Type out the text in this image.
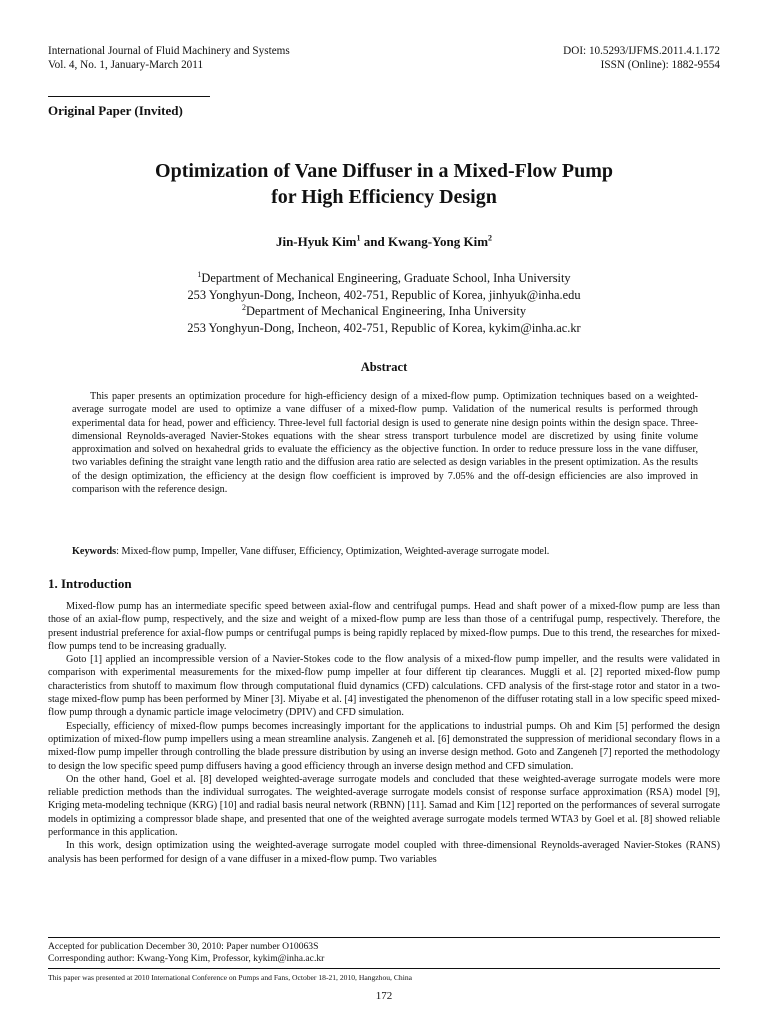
International Journal of Fluid Machinery and Systems
Vol. 4, No. 1, January-March 2011
DOI: 10.5293/IJFMS.2011.4.1.172
ISSN (Online): 1882-9554
Original Paper (Invited)
Optimization of Vane Diffuser in a Mixed-Flow Pump
for High Efficiency Design
Jin-Hyuk Kim$^1$ and Kwang-Yong Kim$^2$
$^1$Department of Mechanical Engineering, Graduate School, Inha University
253 Yonghyun-Dong, Incheon, 402-751, Republic of Korea, jinhyuk@inha.edu
$^2$Department of Mechanical Engineering, Inha University
253 Yonghyun-Dong, Incheon, 402-751, Republic of Korea, kykim@inha.ac.kr
Abstract
This paper presents an optimization procedure for high-efficiency design of a mixed-flow pump. Optimization techniques based on a weighted-average surrogate model are used to optimize a vane diffuser of a mixed-flow pump. Validation of the numerical results is performed through experimental data for head, power and efficiency. Three-level full factorial design is used to generate nine design points within the design space. Three-dimensional Reynolds-averaged Navier-Stokes equations with the shear stress transport turbulence model are discretized by using finite volume approximation and solved on hexahedral grids to evaluate the efficiency as the objective function. In order to reduce pressure loss in the vane diffuser, two variables defining the straight vane length ratio and the diffusion area ratio are selected as design variables in the present optimization. As the results of the design optimization, the efficiency at the design flow coefficient is improved by 7.05% and the off-design efficiencies are also improved in comparison with the reference design.
Keywords: Mixed-flow pump, Impeller, Vane diffuser, Efficiency, Optimization, Weighted-average surrogate model.
1. Introduction

Mixed-flow pump has an intermediate specific speed between axial-flow and centrifugal pumps. Head and shaft power of a mixed-flow pump are less than those of an axial-flow pump, respectively, and the size and weight of a mixed-flow pump are less than those of a centrifugal pump, respectively. Therefore, the present industrial preference for axial-flow pumps or centrifugal pumps is being rapidly replaced by mixed-flow pumps. Due to this trend, the researches for mixed-flow pumps tend to be increasing gradually.

Goto [1] applied an incompressible version of a Navier-Stokes code to the flow analysis of a mixed-flow pump impeller, and the results were validated in comparison with experimental measurements for the mixed-flow pump impeller at four different tip clearances. Muggli et al. [2] reported mixed-flow pump characteristics from shutoff to maximum flow through computational fluid dynamics (CFD) calculations. CFD analysis of the first-stage rotor and stator in a two-stage mixed-flow pump has been performed by Miner [3]. Miyabe et al. [4] investigated the phenomenon of the diffuser rotating stall in a low specific speed mixed-flow pump through a dynamic particle image velocimetry (DPIV) and CFD simulation.

Especially, efficiency of mixed-flow pumps becomes increasingly important for the applications to industrial pumps. Oh and Kim [5] performed the design optimization of mixed-flow pump impellers using a mean streamline analysis. Zangeneh et al. [6] demonstrated the suppression of meridional secondary flows in a mixed-flow pump impeller through controlling the blade pressure distribution by using an inverse design method. Goto and Zangeneh [7] reported the methodology to design the low specific speed pump diffusers having a good efficiency through an inverse design method and CFD simulation.

On the other hand, Goel et al. [8] developed weighted-average surrogate models and concluded that these weighted-average surrogate models were more reliable prediction methods than the individual surrogates. The weighted-average surrogate models consist of response surface approximation (RSA) model [9], Kriging meta-modeling technique (KRG) [10] and radial basis neural network (RBNN) [11]. Samad and Kim [12] reported on the performances of several surrogate models in optimizing a compressor blade shape, and presented that one of the weighted average surrogate models termed WTA3 by Goel et al. [8] showed reliable performance in this application.

In this work, design optimization using the weighted-average surrogate model coupled with three-dimensional Reynolds-averaged Navier-Stokes (RANS) analysis has been performed for design of a vane diffuser in a mixed-flow pump. Two variables

Accepted for publication December 30, 2010: Paper number O10063S
Corresponding author: Kwang-Yong Kim, Professor, kykim@inha.ac.kr
This paper was presented at 2010 International Conference on Pumps and Fans, October 18-21, 2010, Hangzhou, China
172
